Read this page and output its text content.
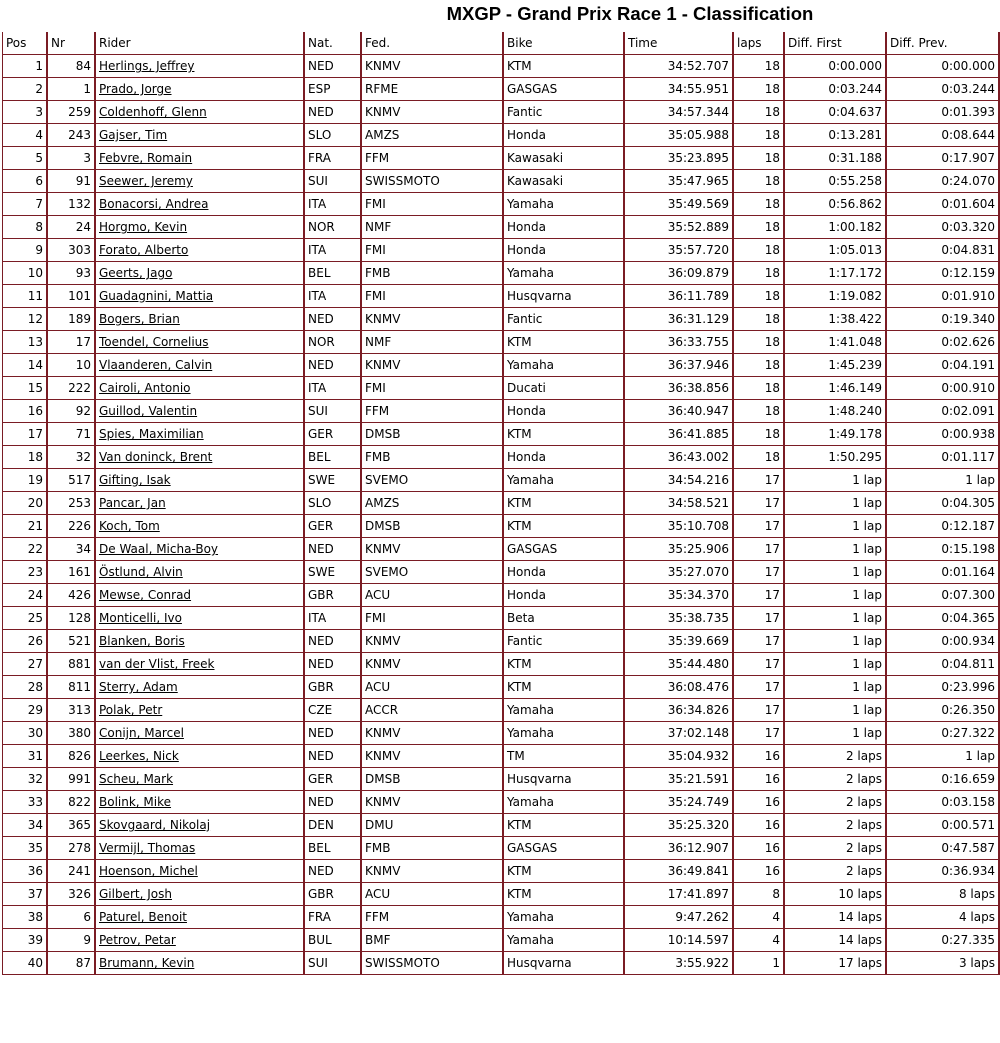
MXGP - Grand Prix Race 1 - Classification
Pos	Nr	Rider	Nat.	Fed.	Bike	Time	laps	Diff. First	Diff. Prev.
1	84	Herlings, Jeffrey	NED	KNMV	KTM	34:52.707	18	0:00.000	0:00.000
2	1	Prado, Jorge	ESP	RFME	GASGAS	34:55.951	18	0:03.244	0:03.244
3	259	Coldenhoff, Glenn	NED	KNMV	Fantic	34:57.344	18	0:04.637	0:01.393
4	243	Gajser, Tim	SLO	AMZS	Honda	35:05.988	18	0:13.281	0:08.644
5	3	Febvre, Romain	FRA	FFM	Kawasaki	35:23.895	18	0:31.188	0:17.907
6	91	Seewer, Jeremy	SUI	SWISSMOTO	Kawasaki	35:47.965	18	0:55.258	0:24.070
7	132	Bonacorsi, Andrea	ITA	FMI	Yamaha	35:49.569	18	0:56.862	0:01.604
8	24	Horgmo, Kevin	NOR	NMF	Honda	35:52.889	18	1:00.182	0:03.320
9	303	Forato, Alberto	ITA	FMI	Honda	35:57.720	18	1:05.013	0:04.831
10	93	Geerts, Jago	BEL	FMB	Yamaha	36:09.879	18	1:17.172	0:12.159
11	101	Guadagnini, Mattia	ITA	FMI	Husqvarna	36:11.789	18	1:19.082	0:01.910
12	189	Bogers, Brian	NED	KNMV	Fantic	36:31.129	18	1:38.422	0:19.340
13	17	Toendel, Cornelius	NOR	NMF	KTM	36:33.755	18	1:41.048	0:02.626
14	10	Vlaanderen, Calvin	NED	KNMV	Yamaha	36:37.946	18	1:45.239	0:04.191
15	222	Cairoli, Antonio	ITA	FMI	Ducati	36:38.856	18	1:46.149	0:00.910
16	92	Guillod, Valentin	SUI	FFM	Honda	36:40.947	18	1:48.240	0:02.091
17	71	Spies, Maximilian	GER	DMSB	KTM	36:41.885	18	1:49.178	0:00.938
18	32	Van doninck, Brent	BEL	FMB	Honda	36:43.002	18	1:50.295	0:01.117
19	517	Gifting, Isak	SWE	SVEMO	Yamaha	34:54.216	17	1 lap	1 lap
20	253	Pancar, Jan	SLO	AMZS	KTM	34:58.521	17	1 lap	0:04.305
21	226	Koch, Tom	GER	DMSB	KTM	35:10.708	17	1 lap	0:12.187
22	34	De Waal, Micha-Boy	NED	KNMV	GASGAS	35:25.906	17	1 lap	0:15.198
23	161	Östlund, Alvin	SWE	SVEMO	Honda	35:27.070	17	1 lap	0:01.164
24	426	Mewse, Conrad	GBR	ACU	Honda	35:34.370	17	1 lap	0:07.300
25	128	Monticelli, Ivo	ITA	FMI	Beta	35:38.735	17	1 lap	0:04.365
26	521	Blanken, Boris	NED	KNMV	Fantic	35:39.669	17	1 lap	0:00.934
27	881	van der Vlist, Freek	NED	KNMV	KTM	35:44.480	17	1 lap	0:04.811
28	811	Sterry, Adam	GBR	ACU	KTM	36:08.476	17	1 lap	0:23.996
29	313	Polak, Petr	CZE	ACCR	Yamaha	36:34.826	17	1 lap	0:26.350
30	380	Conijn, Marcel	NED	KNMV	Yamaha	37:02.148	17	1 lap	0:27.322
31	826	Leerkes, Nick	NED	KNMV	TM	35:04.932	16	2 laps	1 lap
32	991	Scheu, Mark	GER	DMSB	Husqvarna	35:21.591	16	2 laps	0:16.659
33	822	Bolink, Mike	NED	KNMV	Yamaha	35:24.749	16	2 laps	0:03.158
34	365	Skovgaard, Nikolaj	DEN	DMU	KTM	35:25.320	16	2 laps	0:00.571
35	278	Vermijl, Thomas	BEL	FMB	GASGAS	36:12.907	16	2 laps	0:47.587
36	241	Hoenson, Michel	NED	KNMV	KTM	36:49.841	16	2 laps	0:36.934
37	326	Gilbert, Josh	GBR	ACU	KTM	17:41.897	8	10 laps	8 laps
38	6	Paturel, Benoit	FRA	FFM	Yamaha	9:47.262	4	14 laps	4 laps
39	9	Petrov, Petar	BUL	BMF	Yamaha	10:14.597	4	14 laps	0:27.335
40	87	Brumann, Kevin	SUI	SWISSMOTO	Husqvarna	3:55.922	1	17 laps	3 laps
